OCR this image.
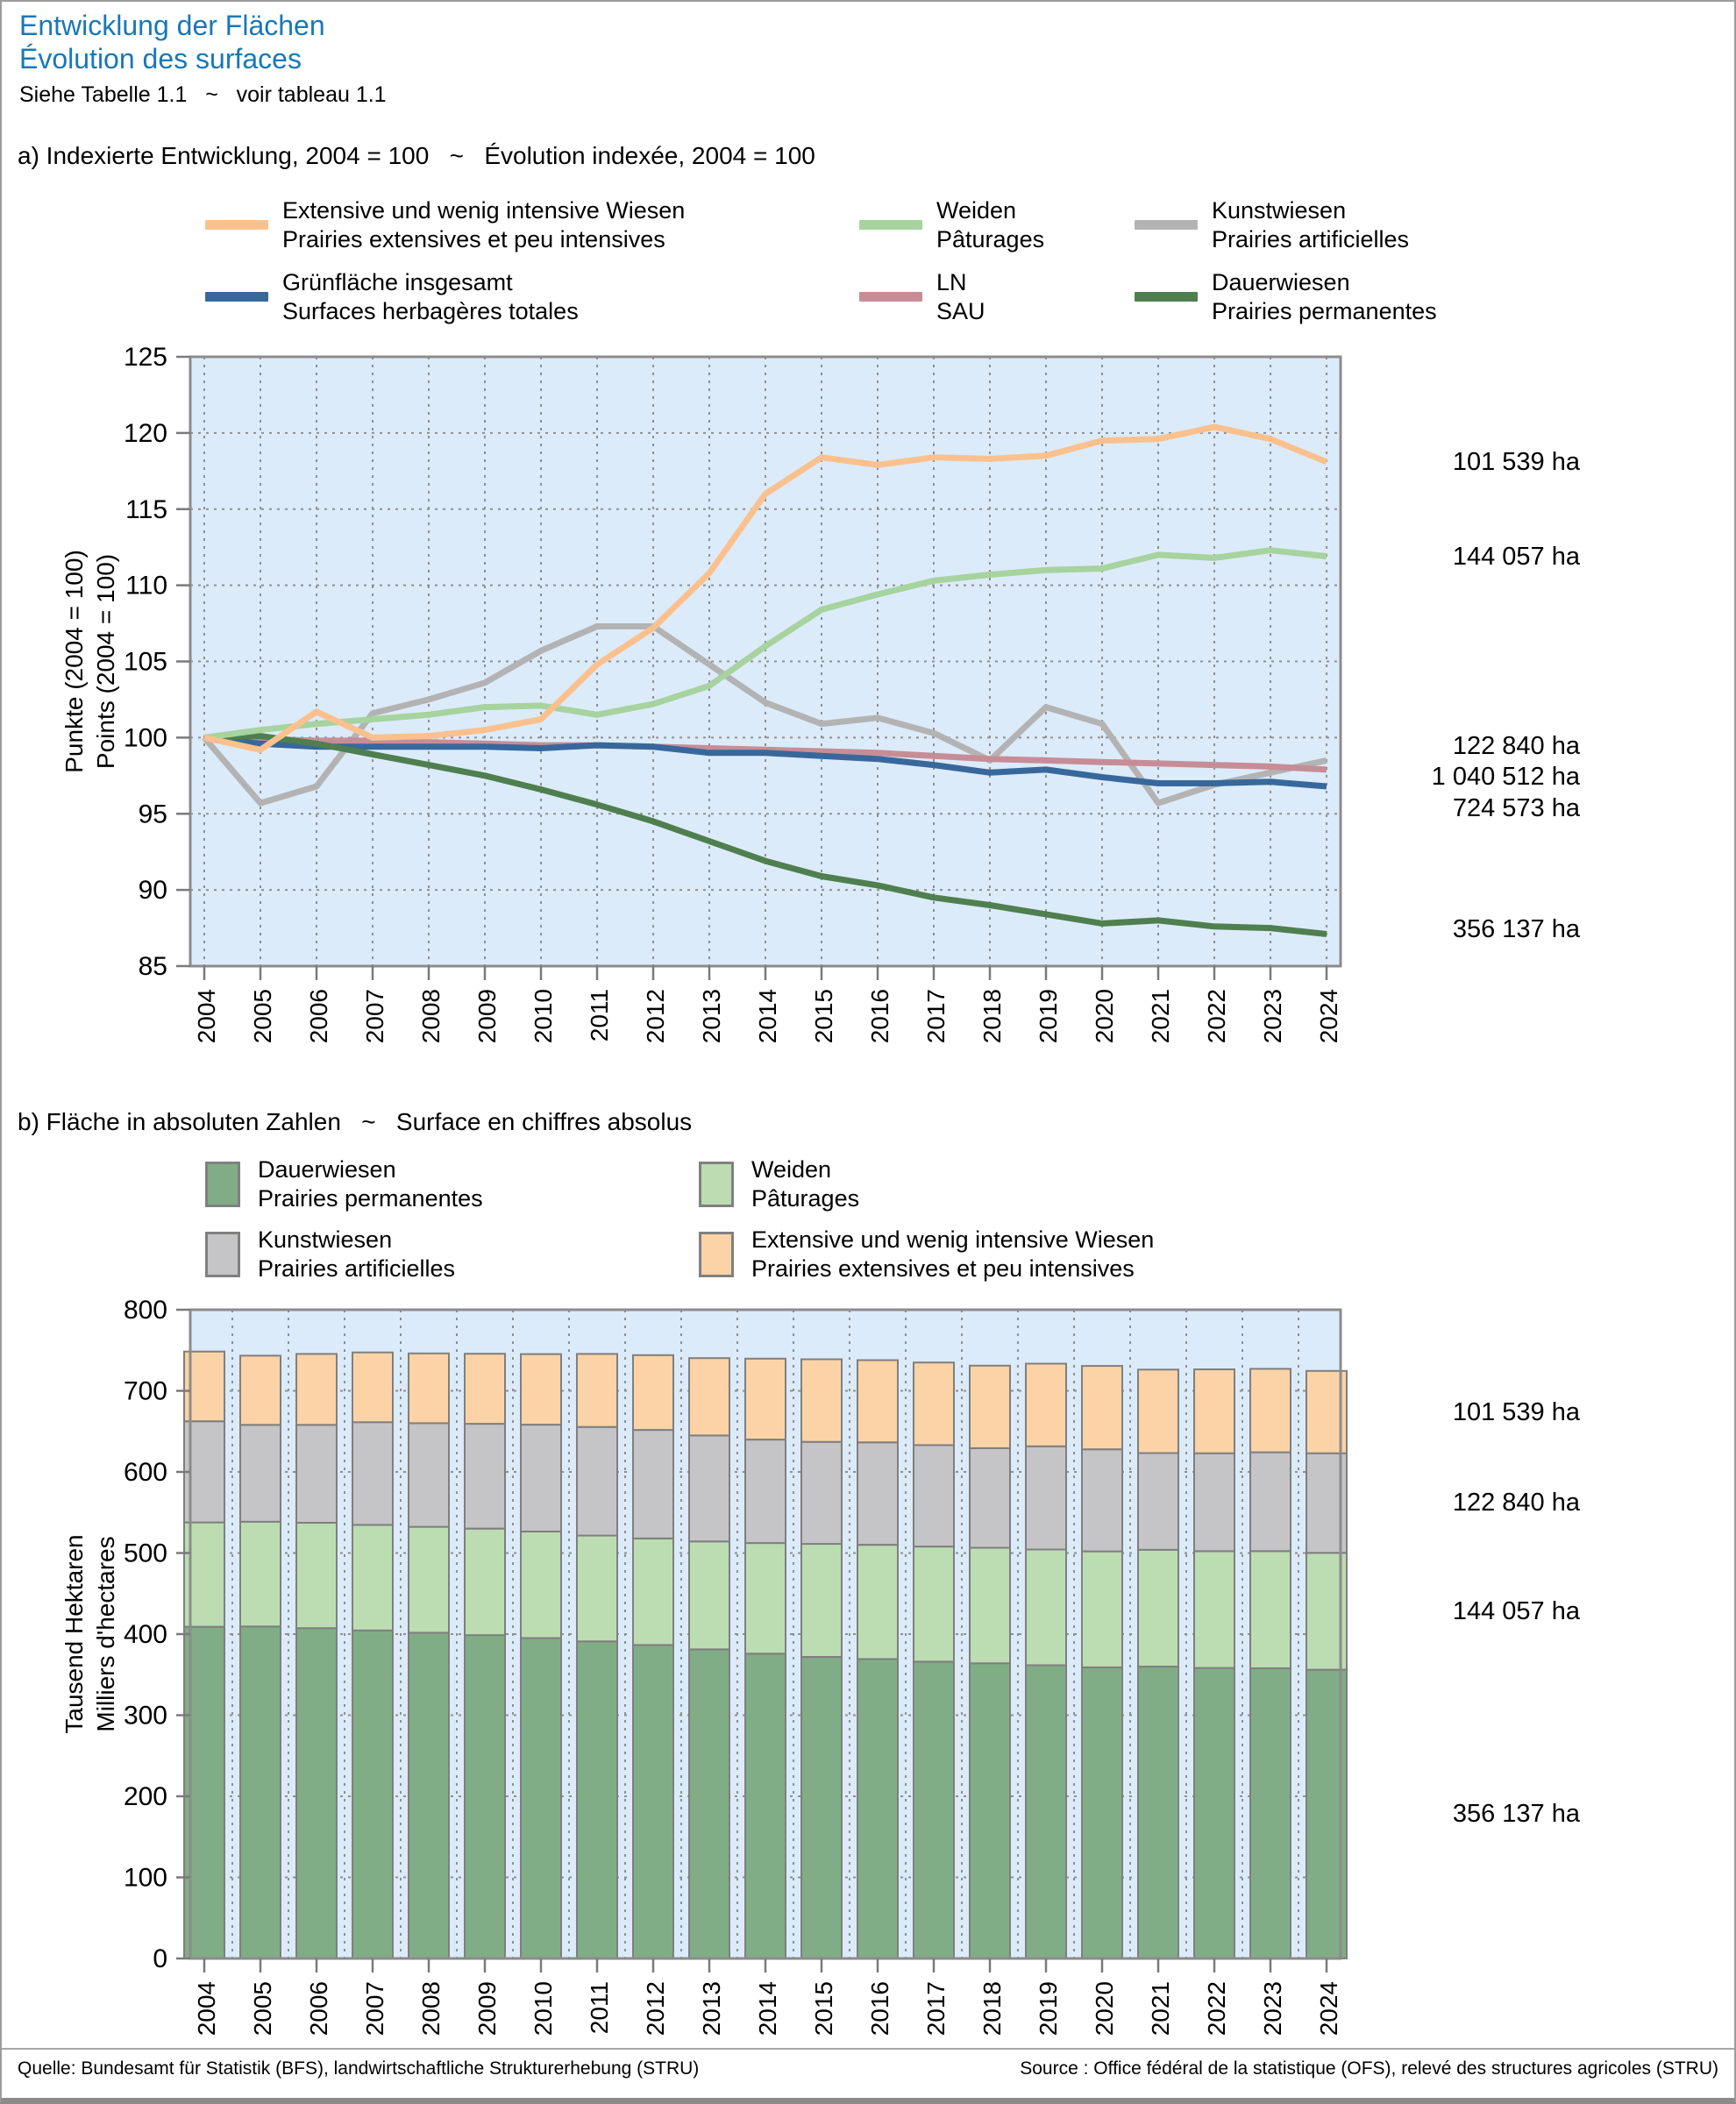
Entwicklung der Flächen
Évolution des surfaces
Siehe Tabelle 1.1   ~   voir tableau 1.1
a) Indexierte Entwicklung, 2004 = 100   ~   Évolution indexée, 2004 = 100
Extensive und wenig intensive Wiesen
Prairies extensives et peu intensives
Weiden
Pâturages
Kunstwiesen
Prairies artificielles
Grünfläche insgesamt
Surfaces herbagères totales
LN
SAU
Dauerwiesen
Prairies permanentes
85
90
95
100
105
110
115
120
125
2004 2005 2006 2007 2008 2009 2010 2011 2012 2013 2014 2015 2016 2017 2018 2019 2020 2021 2022 2023 2024
Punkte (2004 = 100) Points (2004 = 100)
101 539 ha
144 057 ha
122 840 ha
1 040 512 ha
724 573 ha
356 137 ha
b) Fläche in absoluten Zahlen   ~   Surface en chiffres absolus
Dauerwiesen
Prairies permanentes
Weiden
Pâturages
Kunstwiesen
Prairies artificielles
Extensive und wenig intensive Wiesen
Prairies extensives et peu intensives
0
100
200
300
400
500
600
700
800
2004 2005 2006 2007 2008 2009 2010 2011 2012 2013 2014 2015 2016 2017 2018 2019 2020 2021 2022 2023 2024
Tausend Hektaren Milliers d'hectares
101 539 ha
122 840 ha
144 057 ha
356 137 ha
Quelle: Bundesamt für Statistik (BFS), landwirtschaftliche Strukturerhebung (STRU)	Source : Office fédéral de la statistique (OFS), relevé des structures agricoles (STRU)
